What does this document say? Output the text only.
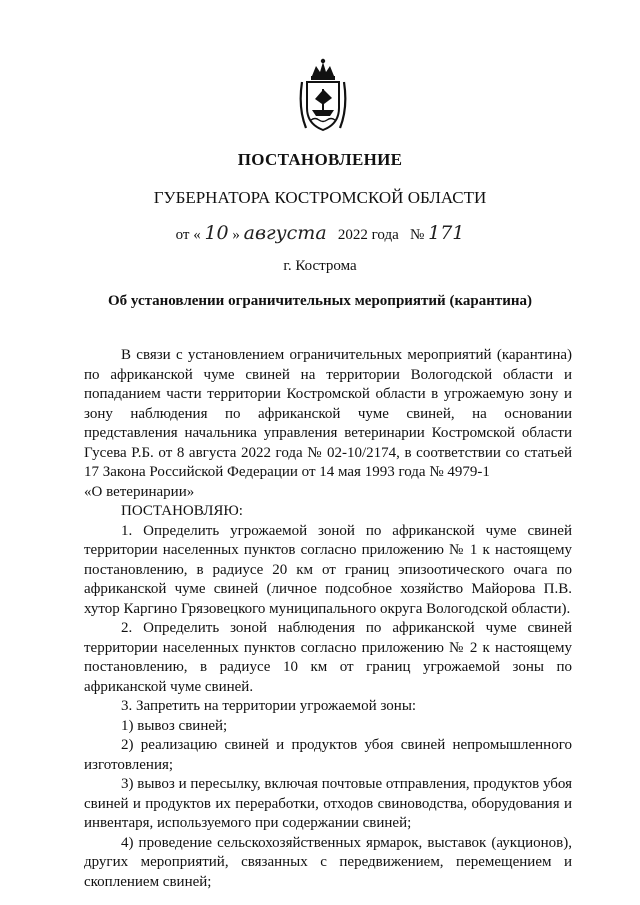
ПОСТАНОВЛЕНИЕ
ГУБЕРНАТОРА КОСТРОМСКОЙ ОБЛАСТИ
от « 10 » августа 2022 года № 171
г. Кострома
Об установлении ограничительных мероприятий (карантина)

В связи с установлением ограничительных мероприятий (карантина) по африканской чуме свиней на территории Вологодской области и попаданием части территории Костромской области в угрожаемую зону и зону наблюдения по африканской чуме свиней, на основании представления начальника управления ветеринарии Костромской области Гусева Р.Б. от 8 августа 2022 года № 02-10/2174, в соответствии со статьей 17 Закона Российской Федерации от 14 мая 1993 года № 4979-1

«О ветеринарии»

ПОСТАНОВЛЯЮ:

1. Определить угрожаемой зоной по африканской чуме свиней территории населенных пунктов согласно приложению № 1 к настоящему постановлению, в радиусе 20 км от границ эпизоотического очага по африканской чуме свиней (личное подсобное хозяйство Майорова П.В. хутор Каргино Грязовецкого муниципального округа Вологодской области).

2. Определить зоной наблюдения по африканской чуме свиней территории населенных пунктов согласно приложению № 2 к настоящему постановлению, в радиусе 10 км от границ угрожаемой зоны по африканской чуме свиней.

3. Запретить на территории угрожаемой зоны:

1) вывоз свиней;

2) реализацию свиней и продуктов убоя свиней непромышленного изготовления;

3) вывоз и пересылку, включая почтовые отправления, продуктов убоя свиней и продуктов их переработки, отходов свиноводства, оборудования и инвентаря, используемого при содержании свиней;

4) проведение сельскохозяйственных ярмарок, выставок (аукционов), других мероприятий, связанных с передвижением, перемещением и скоплением свиней;
